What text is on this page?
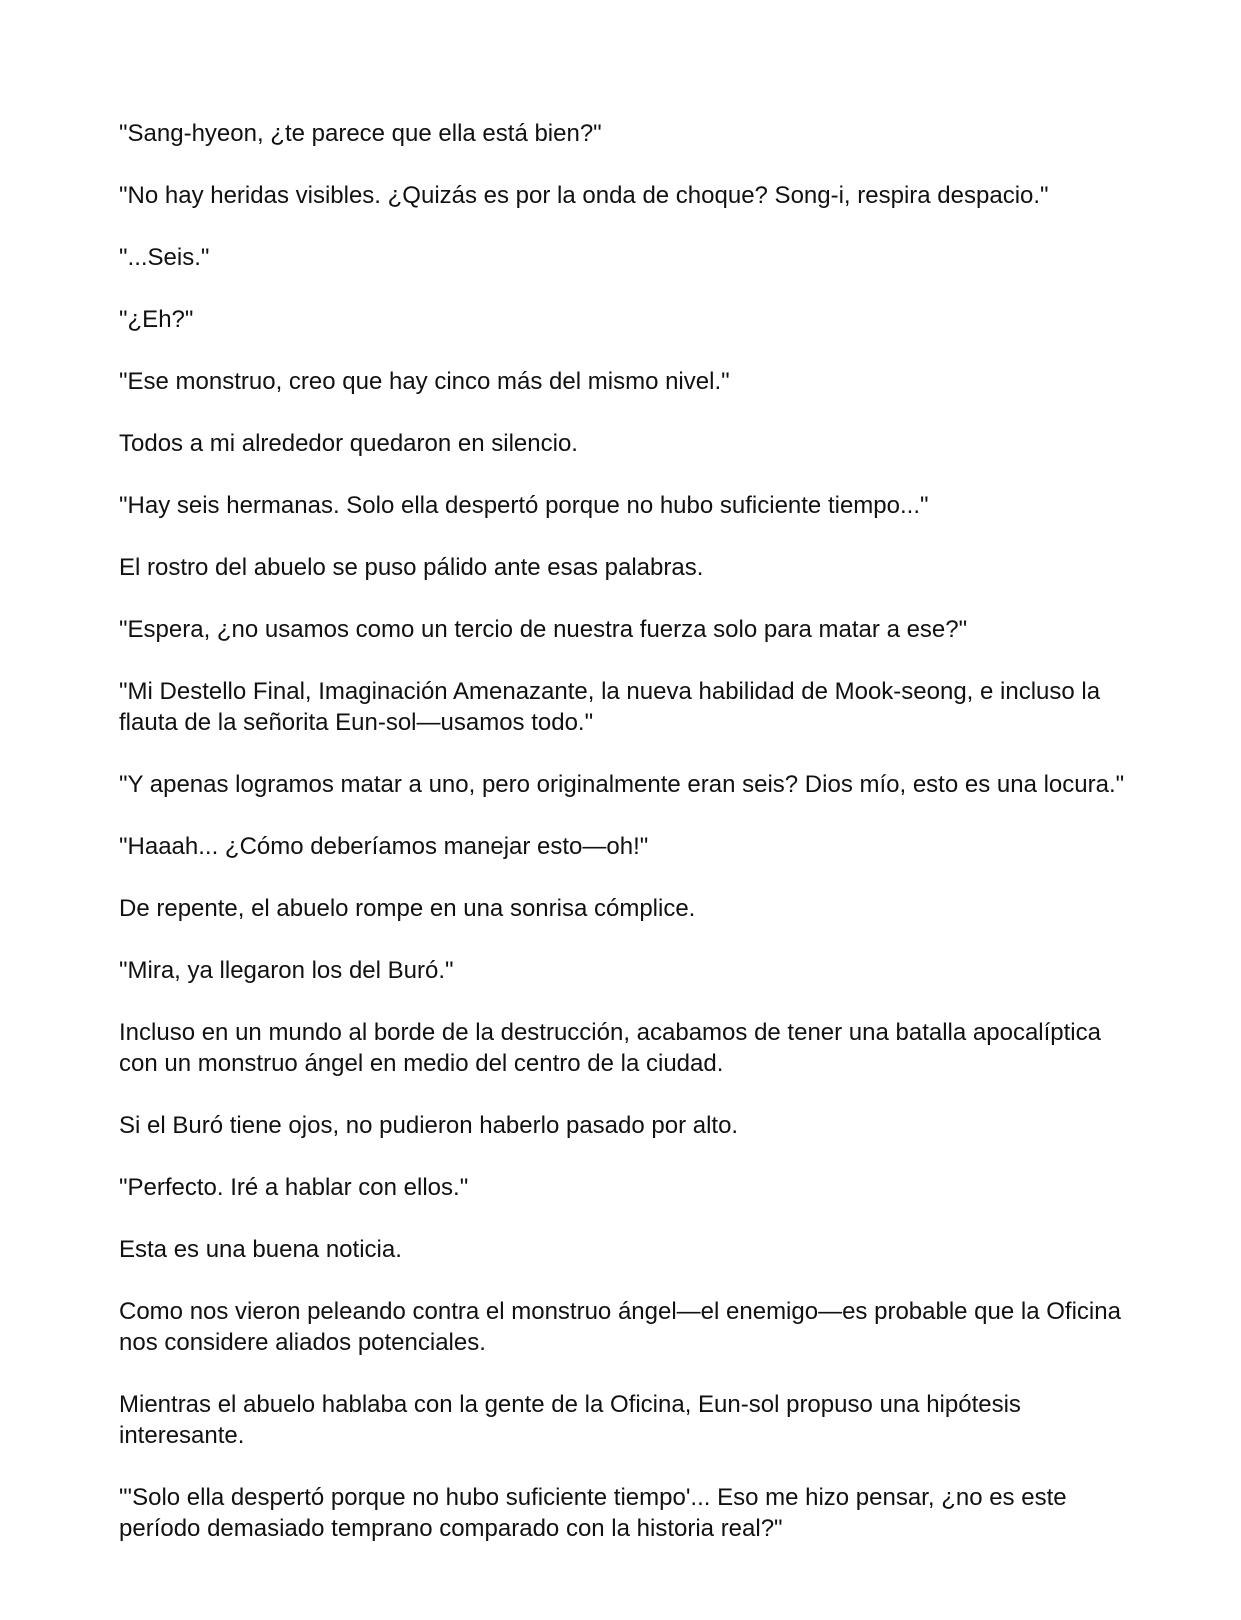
"Sang-hyeon, ¿te parece que ella está bien?"

"No hay heridas visibles. ¿Quizás es por la onda de choque? Song-i, respira despacio."

"...Seis."

"¿Eh?"

"Ese monstruo, creo que hay cinco más del mismo nivel."

Todos a mi alrededor quedaron en silencio.

"Hay seis hermanas. Solo ella despertó porque no hubo suficiente tiempo..."

El rostro del abuelo se puso pálido ante esas palabras.

"Espera, ¿no usamos como un tercio de nuestra fuerza solo para matar a ese?"

"Mi Destello Final, Imaginación Amenazante, la nueva habilidad de Mook-seong, e incluso la flauta de la señorita Eun-sol—usamos todo."

"Y apenas logramos matar a uno, pero originalmente eran seis? Dios mío, esto es una locura."

"Haaah... ¿Cómo deberíamos manejar esto—oh!"

De repente, el abuelo rompe en una sonrisa cómplice.

"Mira, ya llegaron los del Buró."

Incluso en un mundo al borde de la destrucción, acabamos de tener una batalla apocalíptica con un monstruo ángel en medio del centro de la ciudad.

Si el Buró tiene ojos, no pudieron haberlo pasado por alto.

"Perfecto. Iré a hablar con ellos."

Esta es una buena noticia.

Como nos vieron peleando contra el monstruo ángel—el enemigo—es probable que la Oficina nos considere aliados potenciales.

Mientras el abuelo hablaba con la gente de la Oficina, Eun-sol propuso una hipótesis interesante.

"'Solo ella despertó porque no hubo suficiente tiempo'... Eso me hizo pensar, ¿no es este período demasiado temprano comparado con la historia real?"
